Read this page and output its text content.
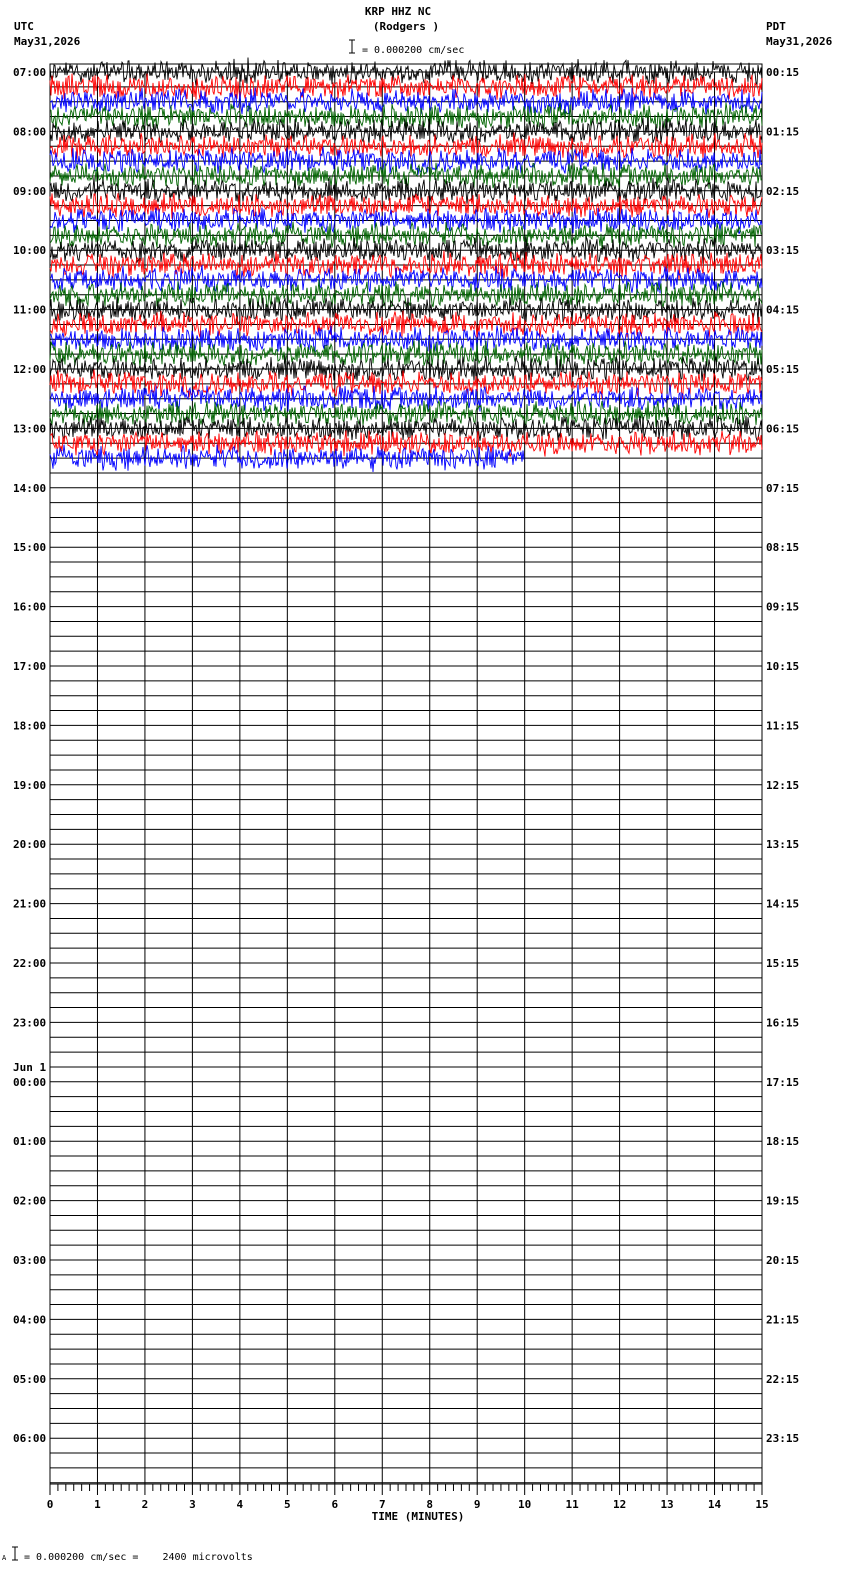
KRP HHZ NC
(Rodgers )
= 0.000200 cm/sec
UTC
May31,2026
PDT
May31,2026
07:00
08:00
09:00
10:00
11:00
12:00
13:00
14:00
15:00
16:00
17:00
18:00
19:00
20:00
21:00
22:00
23:00
00:00
Jun 1
01:00
02:00
03:00
04:00
05:00
06:00
00:15
01:15
02:15
03:15
04:15
05:15
06:15
07:15
08:15
09:15
10:15
11:15
12:15
13:15
14:15
15:15
16:15
17:15
18:15
19:15
20:15
21:15
22:15
23:15
0	1	2	3	4	5	6	7	8	9	10	11	12	13	14	15
TIME (MINUTES)
A = 0.000200 cm/sec =    2400 microvolts
